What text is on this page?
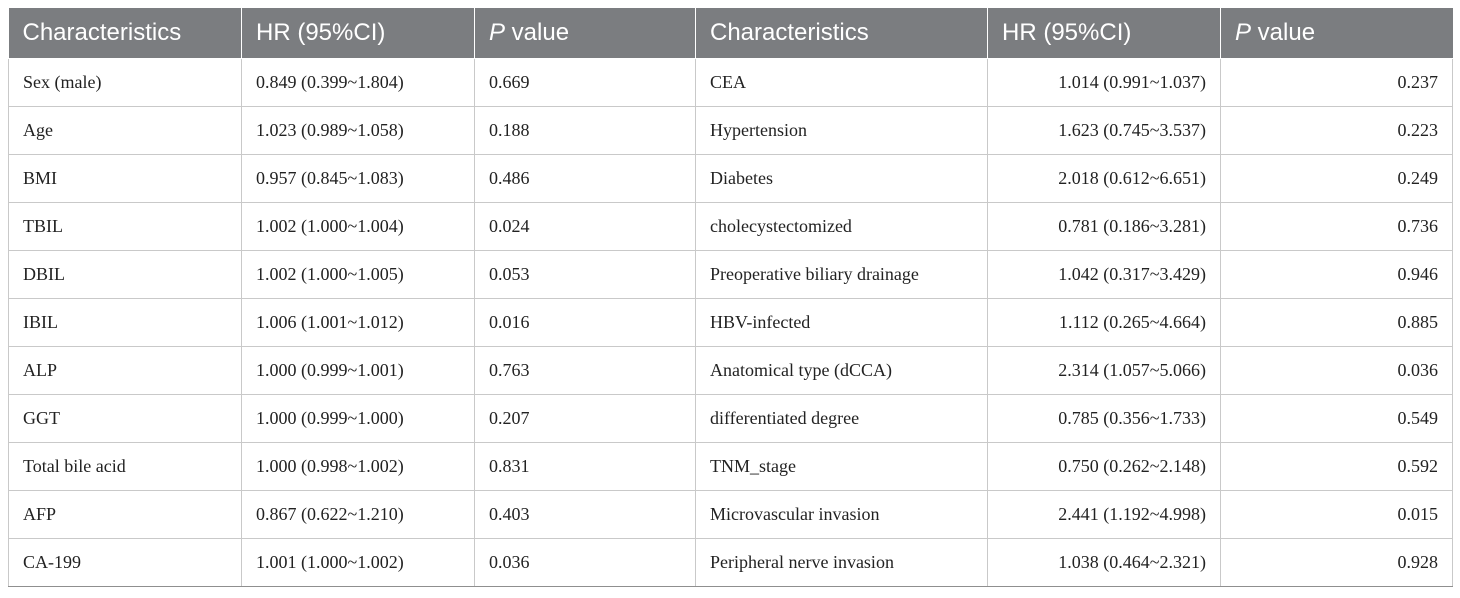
Characteristics	HR (95%CI)	P value	Characteristics	HR (95%CI)	P value
Sex (male)	0.849 (0.399~1.804)	0.669	CEA	1.014 (0.991~1.037)	0.237
Age	1.023 (0.989~1.058)	0.188	Hypertension	1.623 (0.745~3.537)	0.223
BMI	0.957 (0.845~1.083)	0.486	Diabetes	2.018 (0.612~6.651)	0.249
TBIL	1.002 (1.000~1.004)	0.024	cholecystectomized	0.781 (0.186~3.281)	0.736
DBIL	1.002 (1.000~1.005)	0.053	Preoperative biliary drainage	1.042 (0.317~3.429)	0.946
IBIL	1.006 (1.001~1.012)	0.016	HBV-infected	1.112 (0.265~4.664)	0.885
ALP	1.000 (0.999~1.001)	0.763	Anatomical type (dCCA)	2.314 (1.057~5.066)	0.036
GGT	1.000 (0.999~1.000)	0.207	differentiated degree	0.785 (0.356~1.733)	0.549
Total bile acid	1.000 (0.998~1.002)	0.831	TNM_stage	0.750 (0.262~2.148)	0.592
AFP	0.867 (0.622~1.210)	0.403	Microvascular invasion	2.441 (1.192~4.998)	0.015
CA-199	1.001 (1.000~1.002)	0.036	Peripheral nerve invasion	1.038 (0.464~2.321)	0.928
